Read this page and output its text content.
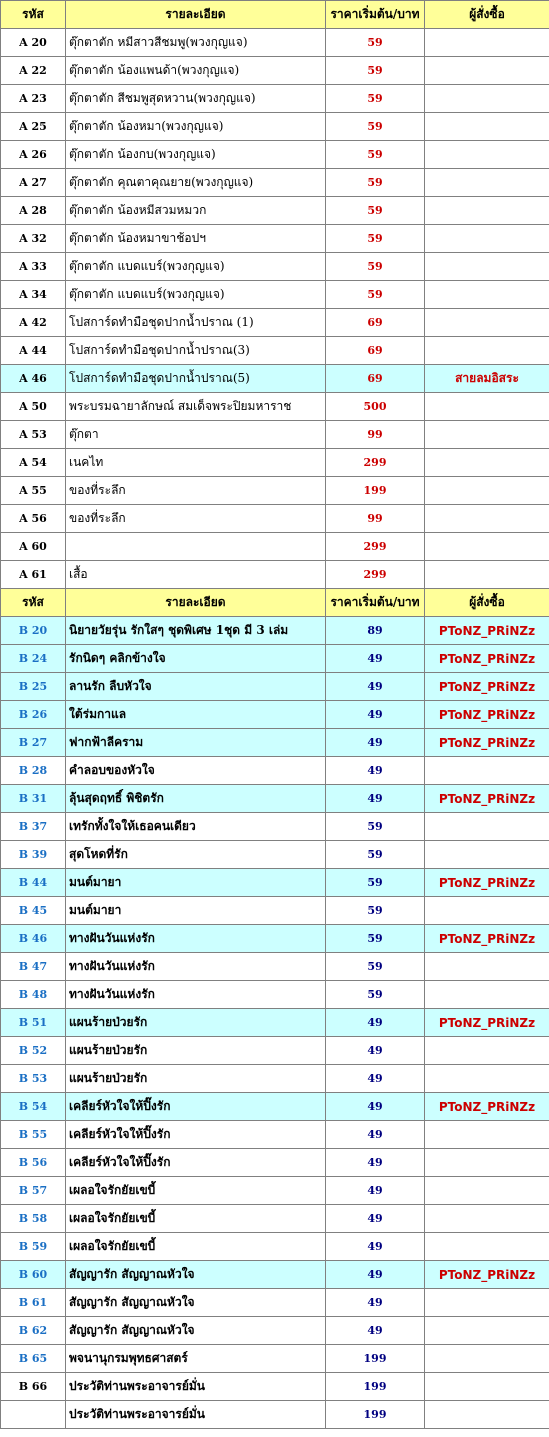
รหัส	รายละเอียด	ราคาเริ่มต้น/บาท	ผู้สั่งซื้อ
A 20	ตุ๊กตาตัก หมีสาวสีชมพู(พวงกุญแจ)	59	
A 22	ตุ๊กตาตัก น้องแพนด้า(พวงกุญแจ)	59	
A 23	ตุ๊กตาตัก สีชมพูสุดหวาน(พวงกุญแจ)	59	
A 25	ตุ๊กตาตัก น้องหมา(พวงกุญแจ)	59	
A 26	ตุ๊กตาตัก น้องกบ(พวงกุญแจ)	59	
A 27	ตุ๊กตาตัก คุณตาคุณยาย(พวงกุญแจ)	59	
A 28	ตุ๊กตาตัก น้องหมีสวมหมวก	59	
A 32	ตุ๊กตาตัก น้องหมาขาช้อปฯ	59	
A 33	ตุ๊กตาตัก แบดแบร์(พวงกุญแจ)	59	
A 34	ตุ๊กตาตัก แบดแบร์(พวงกุญแจ)	59	
A 42	โปสการ์ดทำมือชุดปากน้ำปราณ (1)	69	
A 44	โปสการ์ดทำมือชุดปากน้ำปราณ(3)	69	
A 46	โปสการ์ดทำมือชุดปากน้ำปราณ(5)	69	สายลมอิสระ
A 50	พระบรมฉายาลักษณ์ สมเด็จพระปิยมหาราช	500	
A 53	ตุ๊กตา	99	
A 54	เนคไท	299	
A 55	ของที่ระลึก	199	
A 56	ของที่ระลึก	99	
A 60		299	
A 61	เสื้อ	299	
รหัส	รายละเอียด	ราคาเริ่มต้น/บาท	ผู้สั่งซื้อ
B 20	นิยายวัยรุ่น รักใสๆ ชุดพิเศษ 1ชุด มี 3 เล่ม	89	PToNZ_PRiNZz
B 24	รักนิดๆ คลิกข้างใจ	49	PToNZ_PRiNZz
B 25	ลานรัก ลืบหัวใจ	49	PToNZ_PRiNZz
B 26	ใต้ร่มกาแล	49	PToNZ_PRiNZz
B 27	ฟากฟ้าลีคราม	49	PToNZ_PRiNZz
B 28	คำลอบของหัวใจ	49	
B 31	ลุ้นสุดฤทธิ์ พิชิตรัก	49	PToNZ_PRiNZz
B 37	เทรักทั้งใจให้เธอคนเดียว	59	
B 39	สุดโหดที่รัก	59	
B 44	มนต์มายา	59	PToNZ_PRiNZz
B 45	มนต์มายา	59	
B 46	ทางฝันวันแห่งรัก	59	PToNZ_PRiNZz
B 47	ทางฝันวันแห่งรัก	59	
B 48	ทางฝันวันแห่งรัก	59	
B 51	แผนร้ายป่วยรัก	49	PToNZ_PRiNZz
B 52	แผนร้ายป่วยรัก	49	
B 53	แผนร้ายป่วยรัก	49	
B 54	เคลียร์หัวใจให้ปิ๊งรัก	49	PToNZ_PRiNZz
B 55	เคลียร์หัวใจให้ปิ๊งรัก	49	
B 56	เคลียร์หัวใจให้ปิ๊งรัก	49	
B 57	เผลอใจรักยัยเขบี้	49	
B 58	เผลอใจรักยัยเขบี้	49	
B 59	เผลอใจรักยัยเขบี้	49	
B 60	สัญญารัก สัญญาณหัวใจ	49	PToNZ_PRiNZz
B 61	สัญญารัก สัญญาณหัวใจ	49	
B 62	สัญญารัก สัญญาณหัวใจ	49	
B 65	พจนานุกรมพุทธศาสตร์	199	
B 66	ประวัติท่านพระอาจารย์มั่น	199	
	ประวัติท่านพระอาจารย์มั่น	199	
